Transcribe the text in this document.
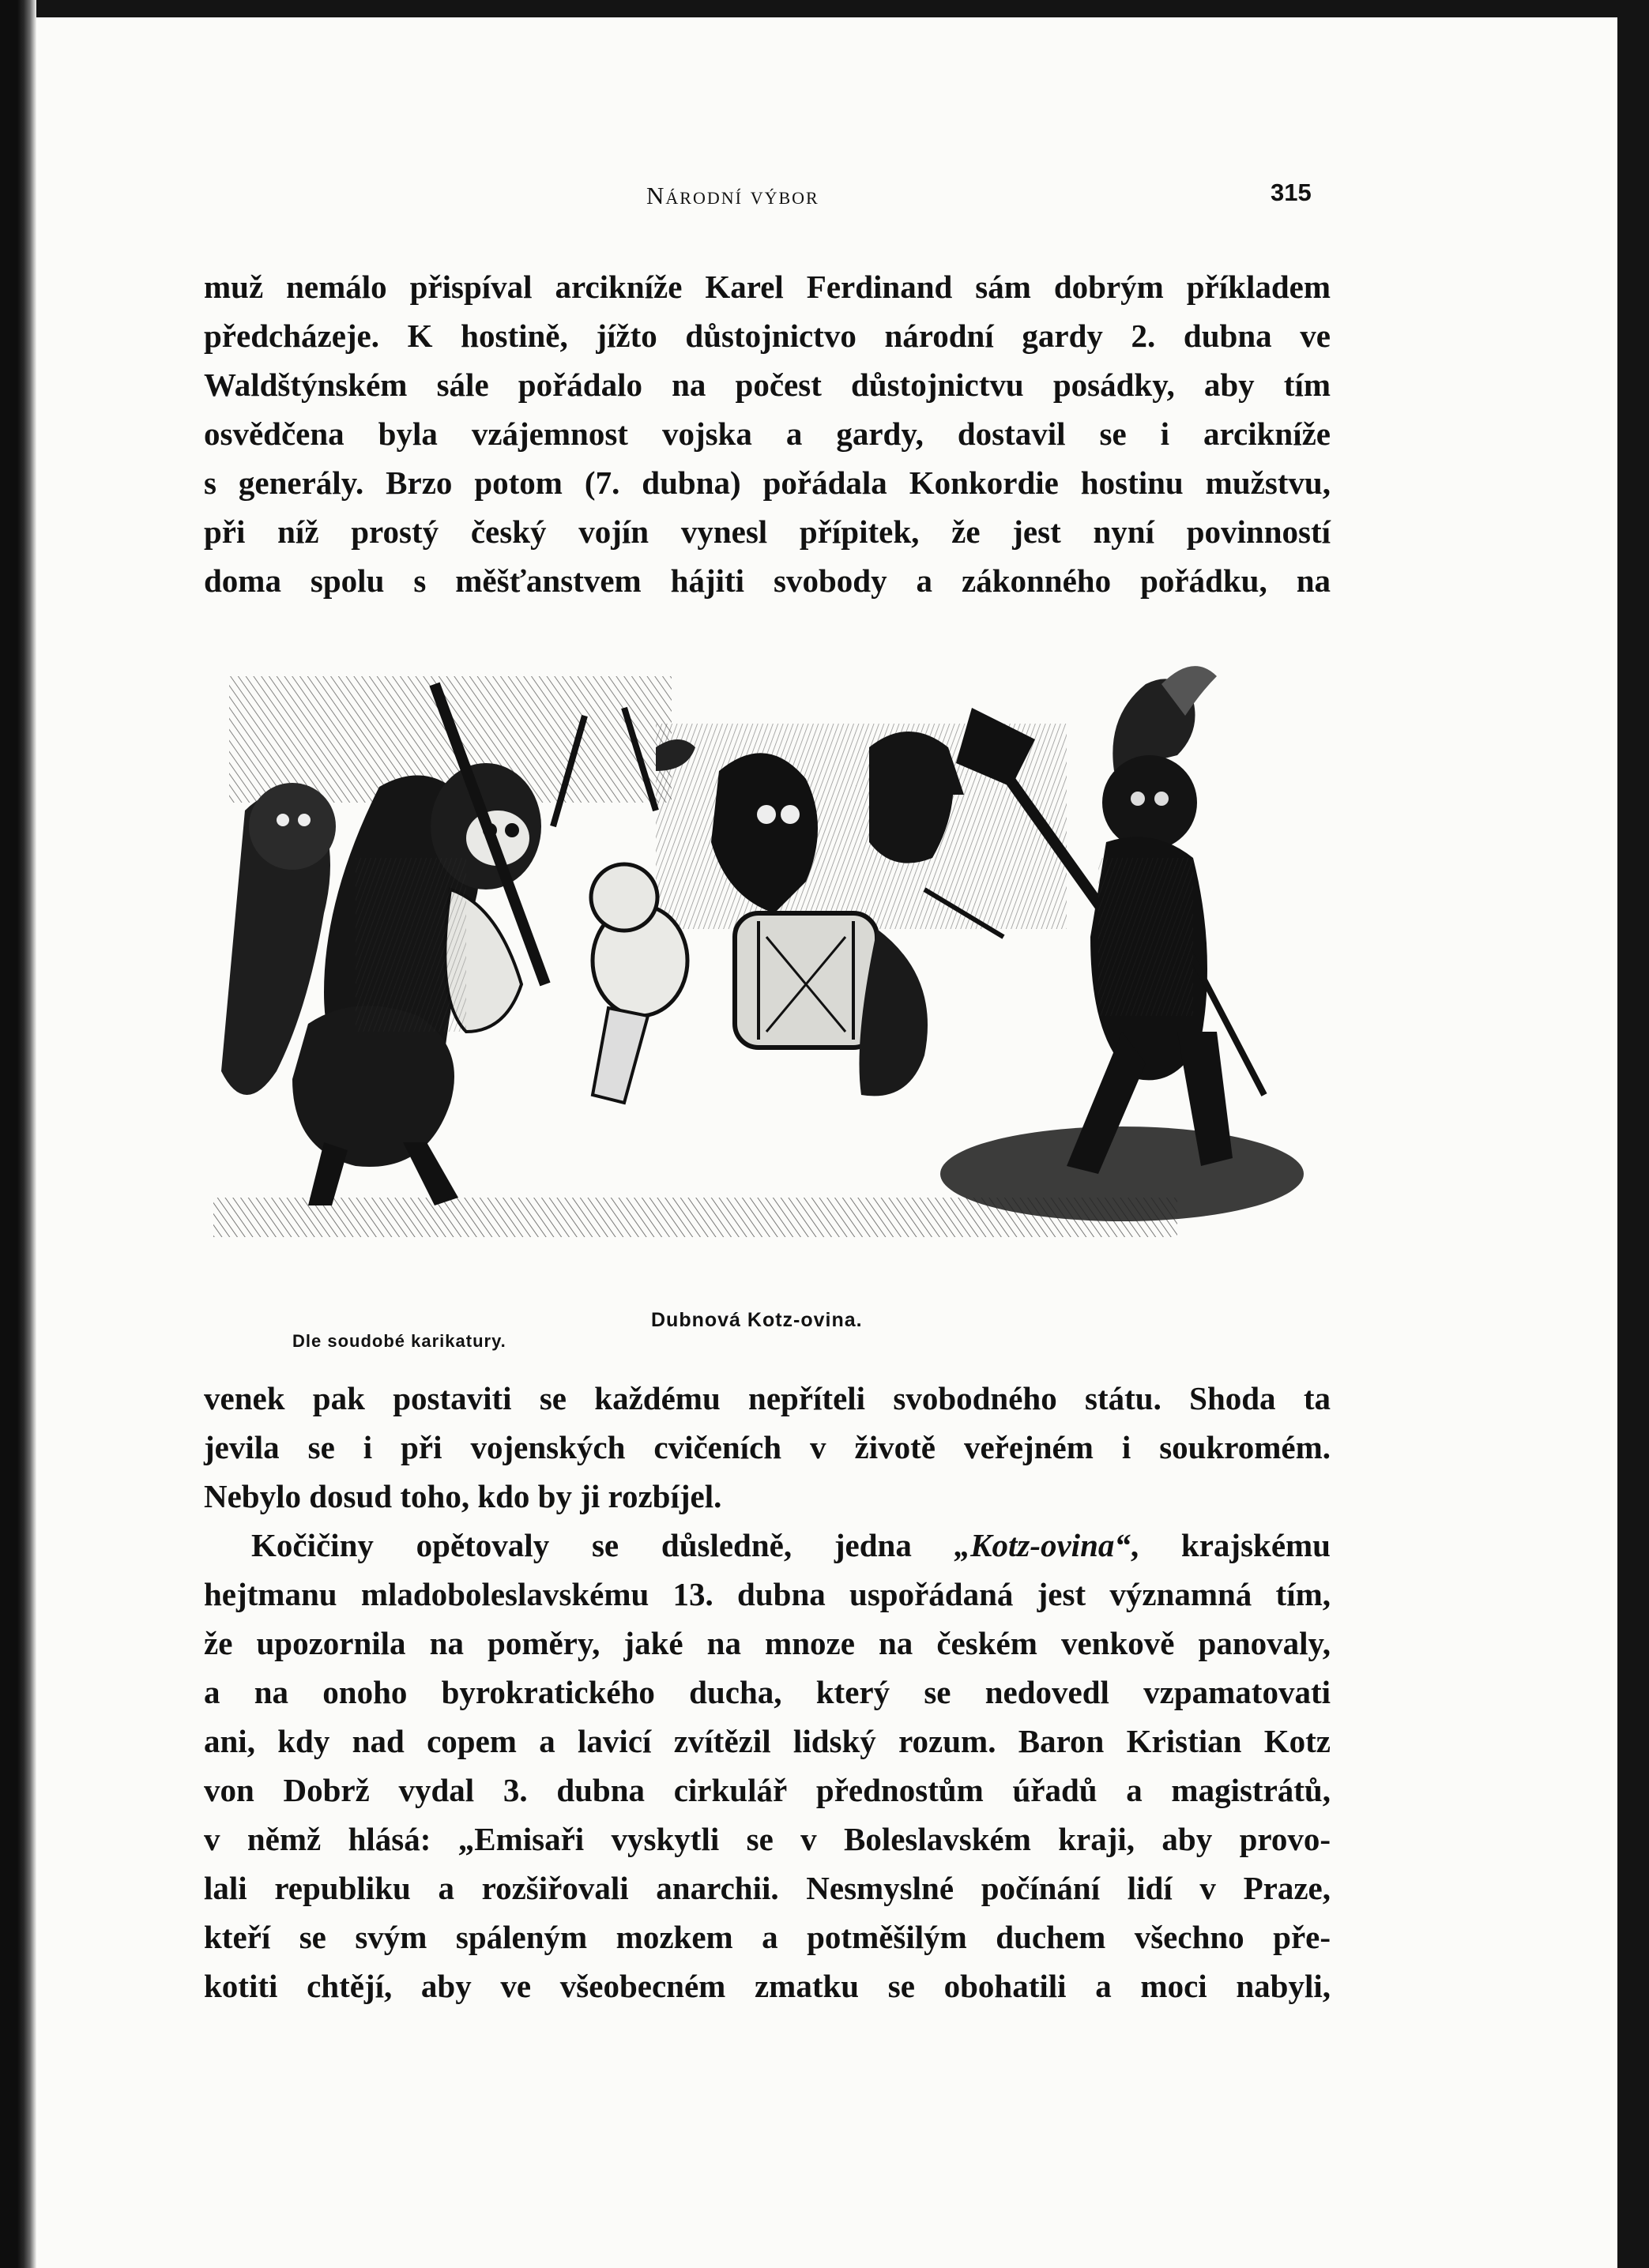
Národní výbor	315
muž nemálo přispíval arcikníže Karel Ferdinand sám dobrým příkladem
předcházeje. K hostině, jížto důstojnictvo národní gardy 2. dubna ve
Waldštýnském sále pořádalo na počest důstojnictvu posádky, aby tím
osvědčena byla vzájemnost vojska a gardy, dostavil se i arcikníže
s generály. Brzo potom (7. dubna) pořádala Konkordie hostinu mužstvu,
při níž prostý český vojín vynesl přípitek, že jest nyní povinností
doma spolu s měšťanstvem hájiti svobody a zákonného pořádku, na
Dle soudobé karikatury.
Dubnová Kotz-ovina.
venek pak postaviti se každému nepříteli svobodného státu. Shoda ta
jevila se i při vojenských cvičeních v životě veřejném i soukromém.
Nebylo dosud toho, kdo by ji rozbíjel.
Kočičiny opětovaly se důsledně, jedna „Kotz-ovina“, krajskému
hejtmanu mladoboleslavskému 13. dubna uspořádaná jest významná tím,
že upozornila na poměry, jaké na mnoze na českém venkově panovaly,
a na onoho byrokratického ducha, který se nedovedl vzpamatovati
ani, kdy nad copem a lavicí zvítězil lidský rozum. Baron Kristian Kotz
von Dobrž vydal 3. dubna cirkulář přednostům úřadů a magistrátů,
v němž hlásá: „Emisaři vyskytli se v Boleslavském kraji, aby provo-
lali republiku a rozšiřovali anarchii. Nesmyslné počínání lidí v Praze,
kteří se svým spáleným mozkem a potměšilým duchem všechno pře-
kotiti chtějí, aby ve všeobecném zmatku se obohatili a moci nabyli,
